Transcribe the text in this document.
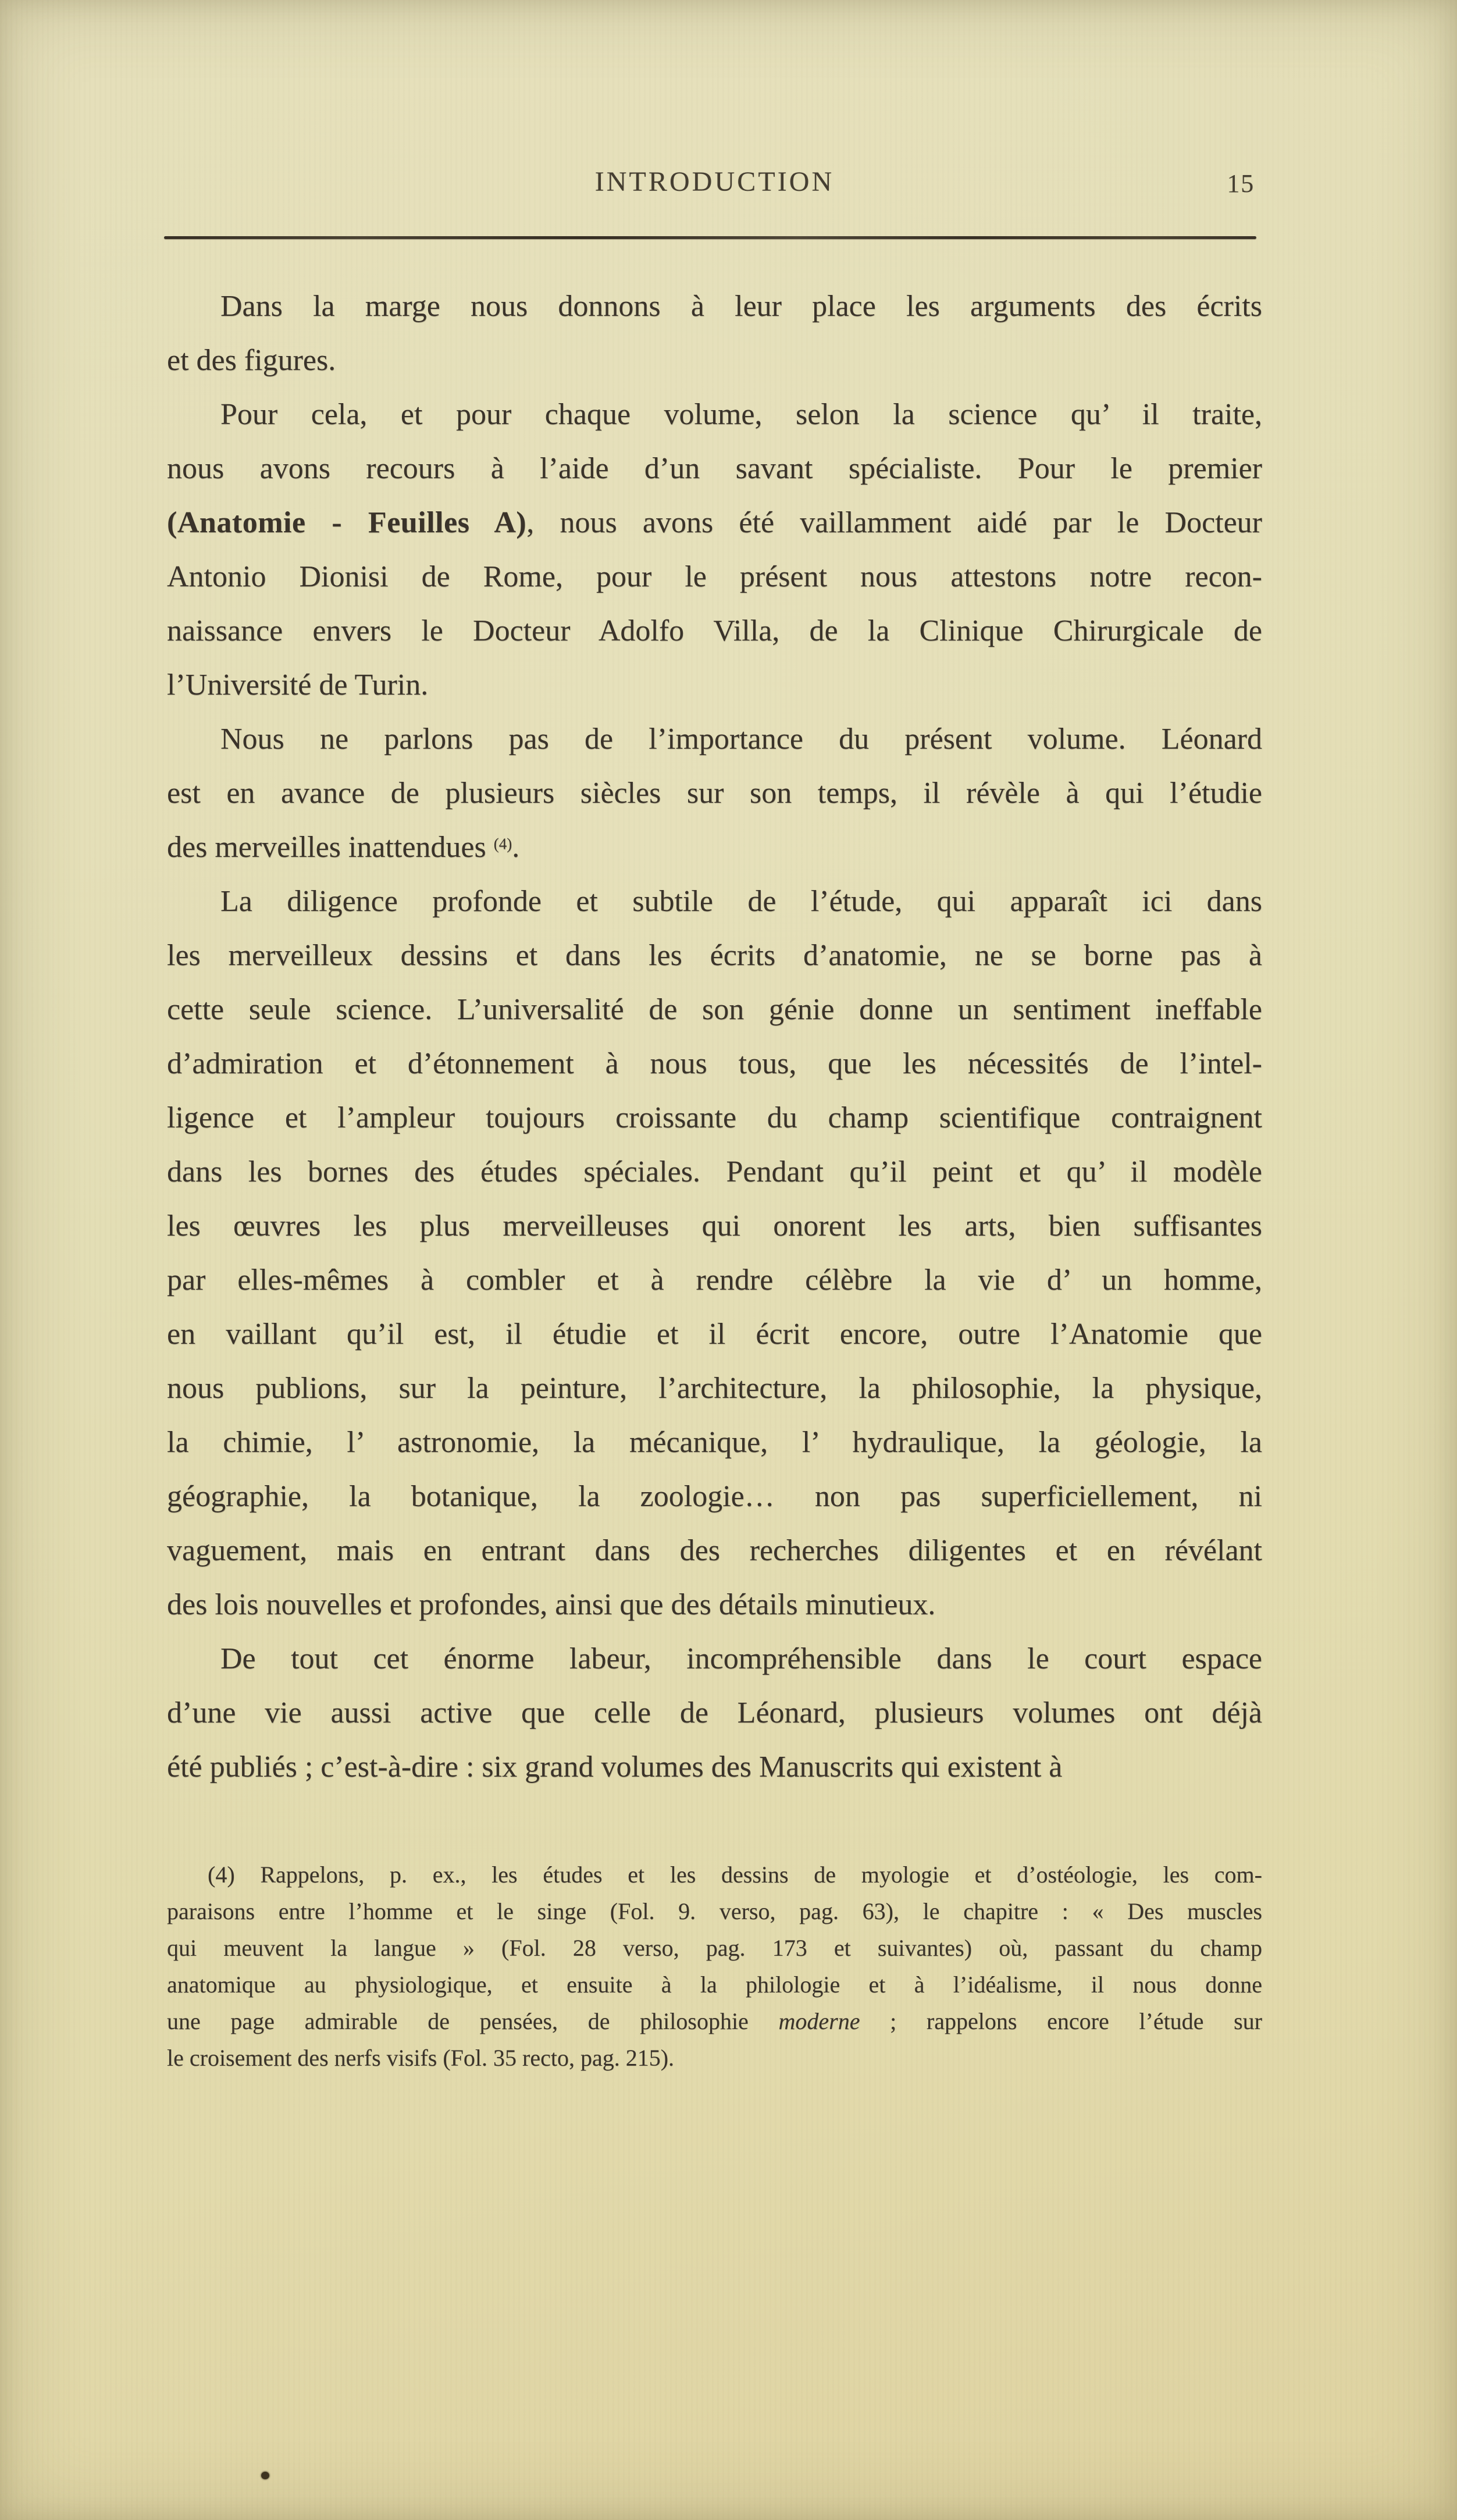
INTRODUCTION	15

Dans la marge nous donnons à leur place les arguments des écrits
et des figures.

Pour cela, et pour chaque volume, selon la science qu’ il traite,
nous avons recours à l’aide d’un savant spécialiste. Pour le premier
(Anatomie - Feuilles A), nous avons été vaillamment aidé par le Docteur
Antonio Dionisi de Rome, pour le présent nous attestons notre recon-
naissance envers le Docteur Adolfo Villa, de la Clinique Chirurgicale de
l’Université de Turin.

Nous ne parlons pas de l’importance du présent volume. Léonard
est en avance de plusieurs siècles sur son temps, il révèle à qui l’étudie
des merveilles inattendues $^{(4)}$.

La diligence profonde et subtile de l’étude, qui apparaît ici dans
les merveilleux dessins et dans les écrits d’anatomie, ne se borne pas à
cette seule science. L’universalité de son génie donne un sentiment ineffable
d’admiration et d’étonnement à nous tous, que les nécessités de l’intel-
ligence et l’ampleur toujours croissante du champ scientifique contraignent
dans les bornes des études spéciales. Pendant qu’il peint et qu’ il modèle
les œuvres les plus merveilleuses qui onorent les arts, bien suffisantes
par elles-mêmes à combler et à rendre célèbre la vie d’ un homme,
en vaillant qu’il est, il étudie et il écrit encore, outre l’Anatomie que
nous publions, sur la peinture, l’architecture, la philosophie, la physique,
la chimie, l’ astronomie, la mécanique, l’ hydraulique, la géologie, la
géographie, la botanique, la zoologie… non pas superficiellement, ni
vaguement, mais en entrant dans des recherches diligentes et en révélant
des lois nouvelles et profondes, ainsi que des détails minutieux.

De tout cet énorme labeur, incompréhensible dans le court espace
d’une vie aussi active que celle de Léonard, plusieurs volumes ont déjà
été publiés ; c’est-à-dire : six grand volumes des Manuscrits qui existent à

(4) Rappelons, p. ex., les études et les dessins de myologie et d’ostéologie, les com-
paraisons entre l’homme et le singe (Fol. 9. verso, pag. 63), le chapitre : « Des muscles
qui meuvent la langue » (Fol. 28 verso, pag. 173 et suivantes) où, passant du champ
anatomique au physiologique, et ensuite à la philologie et à l’idéalisme, il nous donne
une page admirable de pensées, de philosophie moderne ; rappelons encore l’étude sur
le croisement des nerfs visifs (Fol. 35 recto, pag. 215).
